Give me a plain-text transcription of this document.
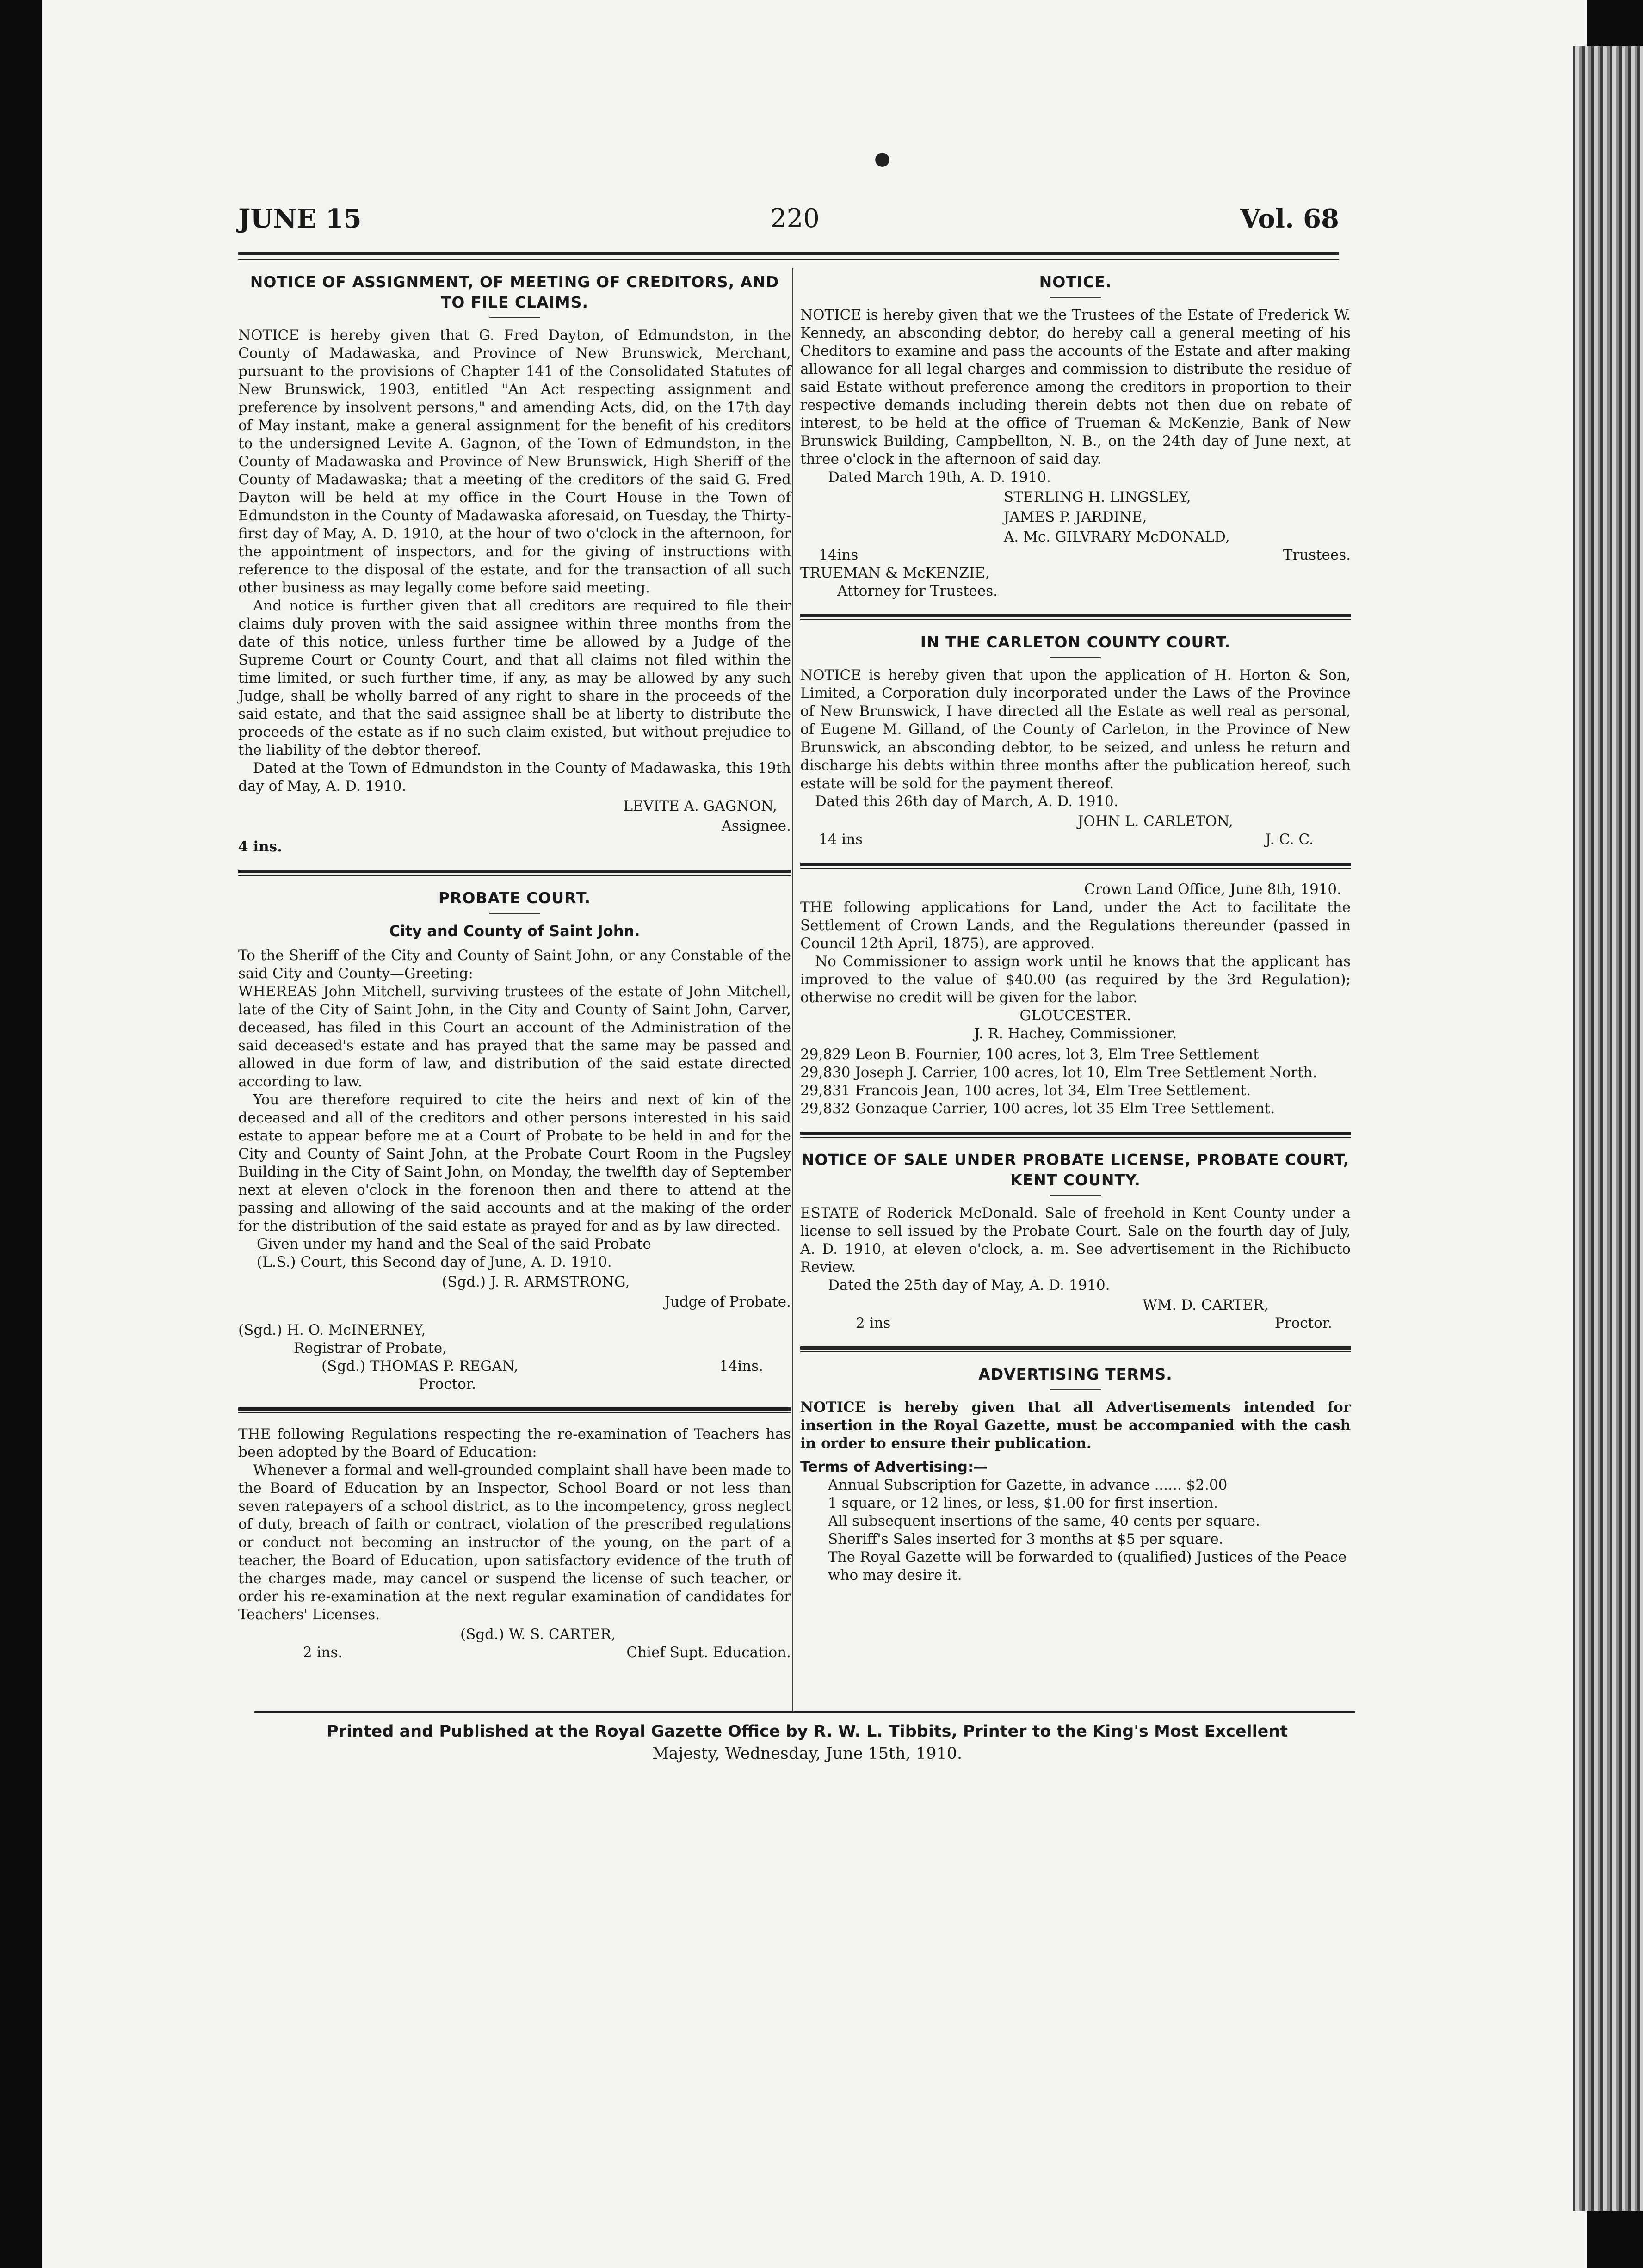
●
JUNE 15	220	Vol. 68
NOTICE OF ASSIGNMENT, OF MEETING OF CREDITORS, AND TO FILE CLAIMS.

NOTICE is hereby given that G. Fred Dayton, of Edmundston, in the County of Madawaska, and Province of New Brunswick, Merchant, pursuant to the provisions of Chapter 141 of the Consolidated Statutes of New Brunswick, 1903, entitled "An Act respecting assignment and preference by insolvent persons," and amending Acts, did, on the 17th day of May instant, make a general assignment for the benefit of his creditors to the undersigned Levite A. Gagnon, of the Town of Edmundston, in the County of Madawaska and Province of New Brunswick, High Sheriff of the County of Madawaska; that a meeting of the creditors of the said G. Fred Dayton will be held at my office in the Court House in the Town of Edmundston in the County of Madawaska aforesaid, on Tuesday, the Thirty-first day of May, A. D. 1910, at the hour of two o'clock in the afternoon, for the appointment of inspectors, and for the giving of instructions with reference to the disposal of the estate, and for the transaction of all such other business as may legally come before said meeting.

And notice is further given that all creditors are required to file their claims duly proven with the said assignee within three months from the date of this notice, unless further time be allowed by a Judge of the Supreme Court or County Court, and that all claims not filed within the time limited, or such further time, if any, as may be allowed by any such Judge, shall be wholly barred of any right to share in the proceeds of the said estate, and that the said assignee shall be at liberty to distribute the proceeds of the estate as if no such claim existed, but without prejudice to the liability of the debtor thereof.

Dated at the Town of Edmundston in the County of Madawaska, this 19th day of May, A. D. 1910.

LEVITE A. GAGNON,
Assignee.
4 ins.
PROBATE COURT.
City and County of Saint John.

To the Sheriff of the City and County of Saint John, or any Constable of the said City and County—Greeting:

WHEREAS John Mitchell, surviving trustees of the estate of John Mitchell, late of the City of Saint John, in the City and County of Saint John, Carver, deceased, has filed in this Court an account of the Administration of the said deceased's estate and has prayed that the same may be passed and allowed in due form of law, and distribution of the said estate directed according to law.

You are therefore required to cite the heirs and next of kin of the deceased and all of the creditors and other persons interested in his said estate to appear before me at a Court of Probate to be held in and for the City and County of Saint John, at the Probate Court Room in the Pugsley Building in the City of Saint John, on Monday, the twelfth day of September next at eleven o'clock in the forenoon then and there to attend at the passing and allowing of the said accounts and at the making of the order for the distribution of the said estate as prayed for and as by law directed.

Given under my hand and the Seal of the said Probate

(L.S.) Court, this Second day of June, A. D. 1910.

(Sgd.) J. R. ARMSTRONG,
Judge of Probate.
(Sgd.) H. O. McINERNEY,
Registrar of Probate,
(Sgd.) THOMAS P. REGAN,	14ins.
Proctor.

THE following Regulations respecting the re-examination of Teachers has been adopted by the Board of Education:

Whenever a formal and well-grounded complaint shall have been made to the Board of Education by an Inspector, School Board or not less than seven ratepayers of a school district, as to the incompetency, gross neglect of duty, breach of faith or contract, violation of the prescribed regulations or conduct not becoming an instructor of the young, on the part of a teacher, the Board of Education, upon satisfactory evidence of the truth of the charges made, may cancel or suspend the license of such teacher, or order his re-examination at the next regular examination of candidates for Teachers' Licenses.

(Sgd.) W. S. CARTER,
2 ins.	Chief Supt. Education.
NOTICE.

NOTICE is hereby given that we the Trustees of the Estate of Frederick W. Kennedy, an absconding debtor, do hereby call a general meeting of his Cheditors to examine and pass the accounts of the Estate and after making allowance for all legal charges and commission to distribute the residue of said Estate without preference among the creditors in proportion to their respective demands including therein debts not then due on rebate of interest, to be held at the office of Trueman & McKenzie, Bank of New Brunswick Building, Campbellton, N. B., on the 24th day of June next, at three o'clock in the afternoon of said day.

Dated March 19th, A. D. 1910.

STERLING H. LINGSLEY,
JAMES P. JARDINE,
A. Mc. GILVRARY McDONALD,
14ins	Trustees.
TRUEMAN & McKENZIE,
Attorney for Trustees.
IN THE CARLETON COUNTY COURT.

NOTICE is hereby given that upon the application of H. Horton & Son, Limited, a Corporation duly incorporated under the Laws of the Province of New Brunswick, I have directed all the Estate as well real as personal, of Eugene M. Gilland, of the County of Carleton, in the Province of New Brunswick, an absconding debtor, to be seized, and unless he return and discharge his debts within three months after the publication hereof, such estate will be sold for the payment thereof.

Dated this 26th day of March, A. D. 1910.

JOHN L. CARLETON,
14 ins	J. C. C.
Crown Land Office, June 8th, 1910.

THE following applications for Land, under the Act to facilitate the Settlement of Crown Lands, and the Regulations thereunder (passed in Council 12th April, 1875), are approved.

No Commissioner to assign work until he knows that the applicant has improved to the value of $40.00 (as required by the 3rd Regulation); otherwise no credit will be given for the labor.

GLOUCESTER.
J. R. Hachey, Commissioner.
29,829 Leon B. Fournier, 100 acres, lot 3, Elm Tree Settlement
29,830 Joseph J. Carrier, 100 acres, lot 10, Elm Tree Settlement North.
29,831 Francois Jean, 100 acres, lot 34, Elm Tree Settlement.
29,832 Gonzaque Carrier, 100 acres, lot 35 Elm Tree Settlement.
NOTICE OF SALE UNDER PROBATE LICENSE, PROBATE COURT, KENT COUNTY.

ESTATE of Roderick McDonald. Sale of freehold in Kent County under a license to sell issued by the Probate Court. Sale on the fourth day of July, A. D. 1910, at eleven o'clock, a. m. See advertisement in the Richibucto Review.

Dated the 25th day of May, A. D. 1910.

WM. D. CARTER,
2 ins	Proctor.
ADVERTISING TERMS.

NOTICE is hereby given that all Advertisements intended for insertion in the Royal Gazette, must be accompanied with the cash in order to ensure their publication.

Terms of Advertising:—
Annual Subscription for Gazette, in advance ...... $2.00
1 square, or 12 lines, or less, $1.00 for first insertion.
All subsequent insertions of the same, 40 cents per square.
Sheriff's Sales inserted for 3 months at $5 per square.
The Royal Gazette will be forwarded to (qualified) Justices of the Peace who may desire it.
Printed and Published at the Royal Gazette Office by R. W. L. Tibbits, Printer to the King's Most Excellent
Majesty, Wednesday, June 15th, 1910.
